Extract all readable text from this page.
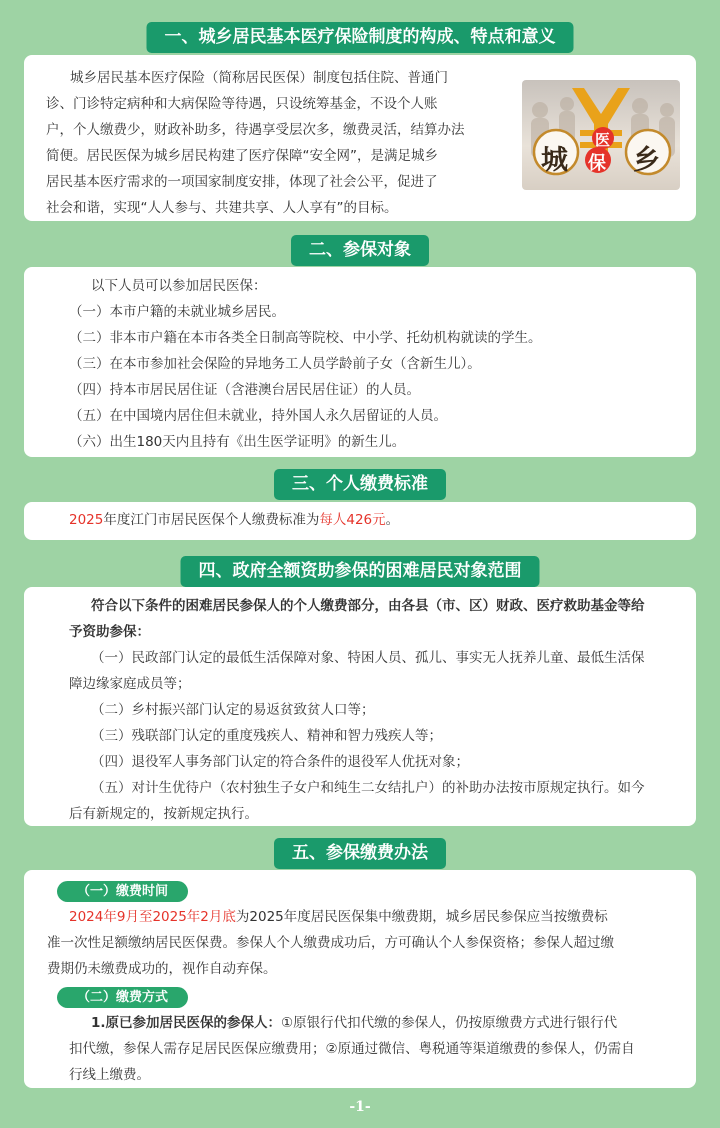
一、城乡居民基本医疗保险制度的构成、特点和意义

城乡居民基本医疗保险（简称居民医保）制度包括住院、普通门
诊、门诊特定病种和大病保险等待遇，只设统筹基金，不设个人账
户，个人缴费少，财政补助多，待遇享受层次多，缴费灵活，结算办法
简便。居民医保为城乡居民构建了医疗保障“安全网”，是满足城乡
居民基本医疗需求的一项国家制度安排，体现了社会公平，促进了
社会和谐，实现“人人参与、共建共享、人人享有”的目标。

城 乡
医
保
二、参保对象

以下人员可以参加居民医保：
（一）本市户籍的未就业城乡居民。
（二）非本市户籍在本市各类全日制高等院校、中小学、托幼机构就读的学生。
（三）在本市参加社会保险的异地务工人员学龄前子女（含新生儿）。
（四）持本市居民居住证（含港澳台居民居住证）的人员。
（五）在中国境内居住但未就业，持外国人永久居留证的人员。
（六）出生180天内且持有《出生医学证明》的新生儿。

三、个人缴费标准

2025年度江门市居民医保个人缴费标准为每人426元。

四、政府全额资助参保的困难居民对象范围

符合以下条件的困难居民参保人的个人缴费部分，由各县（市、区）财政、医疗救助基金等给
予资助参保：
（一）民政部门认定的最低生活保障对象、特困人员、孤儿、事实无人抚养儿童、最低生活保
障边缘家庭成员等；
（二）乡村振兴部门认定的易返贫致贫人口等；
（三）残联部门认定的重度残疾人、精神和智力残疾人等；
（四）退役军人事务部门认定的符合条件的退役军人优抚对象；
（五）对计生优待户（农村独生子女户和纯生二女结扎户）的补助办法按市原规定执行。如今
后有新规定的，按新规定执行。

五、参保缴费办法
（一）缴费时间

2024年9月至2025年2月底为2025年度居民医保集中缴费期，城乡居民参保应当按缴费标
准一次性足额缴纳居民医保费。参保人个人缴费成功后，方可确认个人参保资格；参保人超过缴
费期仍未缴费成功的，视作自动弃保。

（二）缴费方式

1.原已参加居民医保的参保人：①原银行代扣代缴的参保人，仍按原缴费方式进行银行代
扣代缴，参保人需存足居民医保应缴费用；②原通过微信、粤税通等渠道缴费的参保人，仍需自
行线上缴费。

-1-
